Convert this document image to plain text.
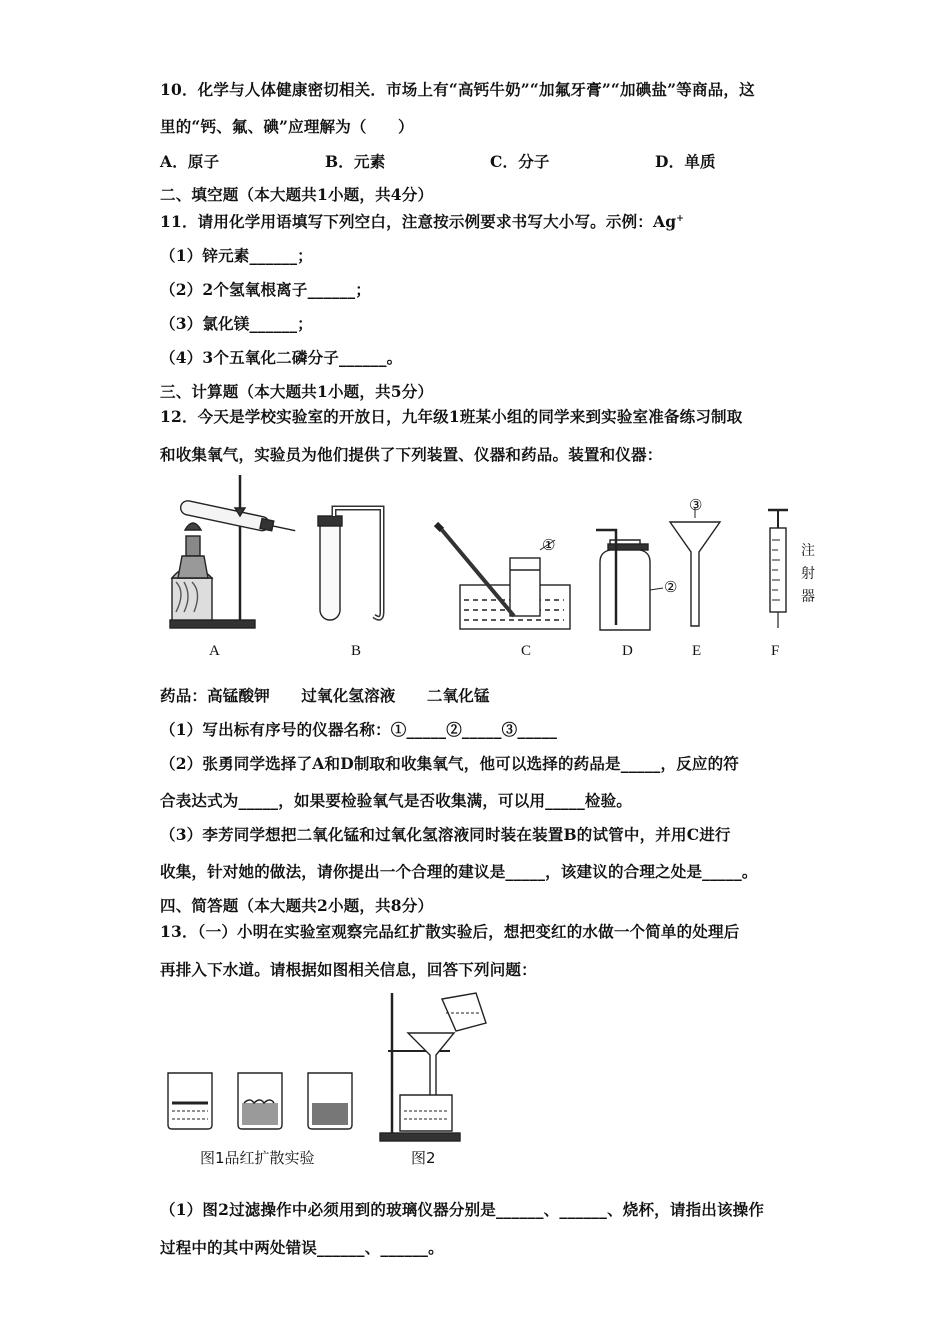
10．化学与人体健康密切相关．市场上有“高钙牛奶”“加氟牙膏”“加碘盐”等商品，这
里的“钙、氟、碘”应理解为（　　）
A．原子	B．元素	C．分子	D．单质
二、填空题（本大题共1小题，共4分）
11．请用化学用语填写下列空白，注意按示例要求书写大小写。示例：Ag+
（1）锌元素______；
（2）2个氢氧根离子______；
（3）氯化镁______；
（4）3个五氧化二磷分子______。
三、计算题（本大题共1小题，共5分）
12．今天是学校实验室的开放日，九年级1班某小组的同学来到实验室准备练习制取
和收集氧气，实验员为他们提供了下列装置、仪器和药品。装置和仪器：
①
②
③
注
射
器
A	B	C	D	E	F
药品：高锰酸钾　　过氧化氢溶液　　二氧化锰
（1）写出标有序号的仪器名称：①_____②_____③_____
（2）张勇同学选择了A和D制取和收集氧气，他可以选择的药品是_____，反应的符
合表达式为_____，如果要检验氧气是否收集满，可以用_____检验。
（3）李芳同学想把二氧化锰和过氧化氢溶液同时装在装置B的试管中，并用C进行
收集，针对她的做法，请你提出一个合理的建议是_____，该建议的合理之处是_____。
四、简答题（本大题共2小题，共8分）
13．（一）小明在实验室观察完品红扩散实验后，想把变红的水做一个简单的处理后
再排入下水道。请根据如图相关信息，回答下列问题：
图1品红扩散实验	图2
（1）图2过滤操作中必须用到的玻璃仪器分别是______、______、烧杯，请指出该操作
过程中的其中两处错误______、______。
